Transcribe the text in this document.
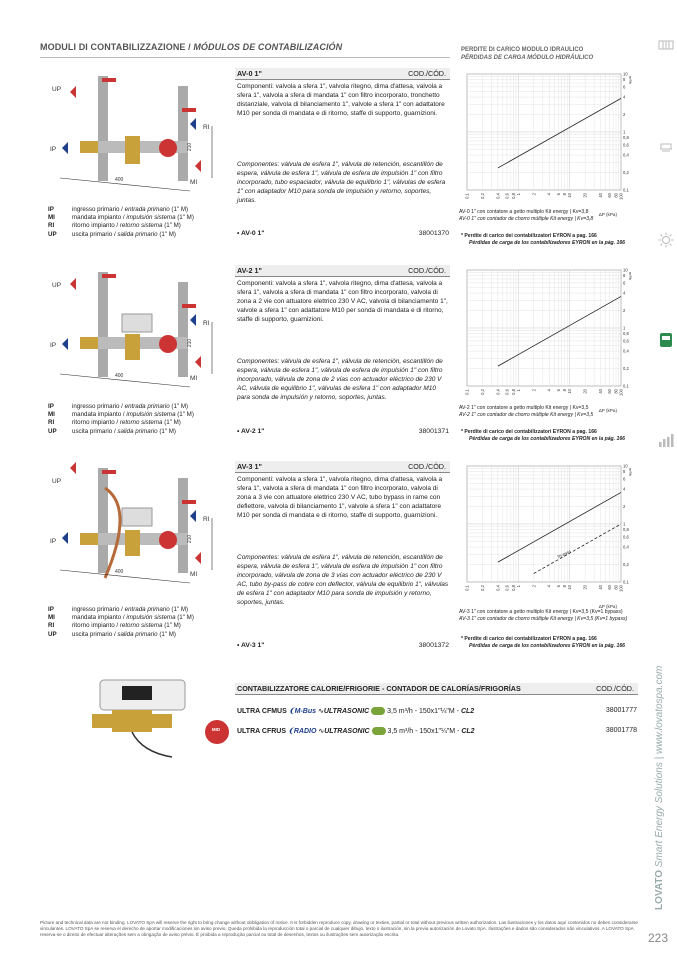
MODULI DI CONTABILIZZAZIONE / MÓDULOS DE CONTABILIZACIÓN	PERDITE DI CARICO MODULO IDRAULICO
PÉRDIDAS DE CARGA MÓDULO HIDRÁULICO
UP
IP
RI
MI
400
210
UP
IP
RI
MI
400
210
UP
IP
RI
MI
400
210
IP	ingresso primario / entrada primario (1" M)
MI	mandata impianto / impulsión sistema (1" M)
RI	ritorno impianto / retorno sistema (1" M)
UP uscita primario / salida primario (1" M)
IP	ingresso primario / entrada primario (1" M)
MI	mandata impianto / impulsión sistema (1" M)
RI	ritorno impianto / retorno sistema (1" M)
UP uscita primario / salida primario (1" M)
IP	ingresso primario / entrada primario (1" M)
MI	mandata impianto / impulsión sistema (1" M)
RI	ritorno impianto / retorno sistema (1" M)
UP uscita primario / salida primario (1" M)
AV-0 1"	COD./CÓD.
Componenti: valvola a sfera 1", valvola ritegno, dima d'attesa, valvola a sfera 1", valvola a sfera di mandata 1" con filtro incorporato, tronchetto distanziale, valvola di bilanciamento 1", valvole a sfera 1" con adattatore M10 per sonda di mandata e di ritorno, staffe di supporto, guarnizioni.
Componentes: válvula de esfera 1", válvula de retención, escantillón de espera, válvula de esfera 1", válvula de esfera de impulsión 1" con filtro incorporado, tubo espaciador, válvula de equilibrio 1", válvulas de esfera 1" con adaptador M10 para sonda de impulsión y retorno, soportes, juntas.
• AV-0 1"	38001370
AV-0 1" con contatore a getto multiplo Kit energy | Kv=3,8
AV-0 1" con contador de chorro múltiple Kit energy | Kv=3,8
* Perdite di carico dei contabilizzatori EYRON a pag. 166
Pérdidas de carga de los contabilizadores EYRON en la pág. 166
AV-2 1"	COD./CÓD.
Componenti: valvola a sfera 1", valvola ritegno, dima d'attesa, valvola a sfera 1", valvola a sfera di mandata 1" con filtro incorporato, valvola di zona a 2 vie con attuatore elettrico 230 V AC, valvola di bilanciamento 1", valvole a sfera 1" con adattatore M10 per sonda di mandata e di ritorno, staffe di supporto, guarnizioni.
Componentes: válvula de esfera 1", válvula de retención, escantillón de espera, válvula de esfera 1", válvula de esfera de impulsión 1" con filtro incorporado, válvula de zona de 2 vías con actuador eléctrico de 230 V AC, válvula de equilibrio 1", válvulas de esfera 1" con adaptador M10 para sonda de impulsión y retorno, soportes, juntas.
• AV-2 1"	38001371
AV-2 1" con contatore a getto multiplo Kit energy | Kv=3,5
AV-2 1" con contador de chorro múltiple Kit energy | Kv=3,5
* Perdite di carico dei contabilizzatori EYRON a pag. 166
Pérdidas de carga de los contabilizadores EYRON en la pág. 166
AV-3 1"	COD./CÓD.
Componenti: valvola a sfera 1", valvola ritegno, dima d'attesa, valvola a sfera 1", valvola a sfera di mandata 1" con filtro incorporato, valvola di zona a 3 vie con attuatore elettrico 230 V AC, tubo bypass in rame con deflettore, valvola di bilanciamento 1", valvole a sfera 1" con adattatore M10 per sonda di mandata e di ritorno, staffe di supporto, guarnizioni.
Componentes: válvula de esfera 1", válvula de retención, escantillón de espera, válvula de esfera 1", válvula de esfera de impulsión 1" con filtro incorporado, válvula de zona de 3 vías con actuador eléctrico de 230 V AC, tubo by-pass de cobre con deflector, válvula de equilibrio 1", válvulas de esfera 1" con adaptador M10 para sonda de impulsión y retorno, soportes, juntas.
• AV-3 1"	38001372
AV-3 1" con contatore a getto multiplo Kit energy | Kv=3,5 (Kv=1 bypass)
AV-3 1" con contador de chorro múltiple Kit energy | Kv=3,5 (Kv=1 bypass)
* Perdite di carico dei contabilizzatori EYRON a pag. 166
Pérdidas de carga de los contabilizadores EYRON en la pág. 166
0,1 0,2 0,4 0,6 0,8 1 2 4 6 8 10 20 40 60 80 100
10
8
6
4
2
1
0,8
0,6
0,4
0,2
0,1
ΔP (kPa)
m³/h
0,1 0,2 0,4 0,6 0,8 1 2 4 6 8 10 20 40 60 80 100
10
8
6
4
2
1
0,8
0,6
0,4
0,2
0,1
ΔP (kPa)
m³/h
0,1 0,2 0,4 0,6 0,8 1 2 4 6 8 10 20 40 60 80 100
10
8
6
4
2
1
0,8
0,6
0,4
0,2
0,1
ΔP (kPa)
m³/h
by-pass
MID
CONTABILIZZATORE CALORIE/FRIGORIE - CONTADOR DE CALORÍAS/FRIGORÍAS	COD./CÓD.
ULTRA CFMUS ❨M-Bus ∿ULTRASONIC	3,5 m³/h - 150x1"¼"M - CL2	38001777
ULTRA CFRUS ❨RADIO ∿ULTRASONIC	3,5 m³/h - 150x1"¼"M - CL2	38001778
LOVATO Smart Energy Solutions | www.lovatospa.com
Picture and technical data are not binding. LOVATO SpA will reserve the right to bring change without obbligation of notice. It is forbidden reproduce copy, drawing or texties, partial or total without previous written authorization. Las ilustraciones y los datos aquí contenidos no deben considerarse vinculantes. LOVATO SpA se reserva el derecho de aportar modificaciones sin aviso previo. Queda prohibida la reproducción total o parcial de cualquier dibujo, texto o ilustración, sin la previa autorización de Lovato SpA. Ilustrações e dados são considerados não vinculativos. A LOVATO SpA reserva-se o direito de efectuar alterações sem a obrigação de aviso prévio. É proibida a reprodução parcial ou total de desenhos, textos ou ilustrações sem autorização escrita.	223
